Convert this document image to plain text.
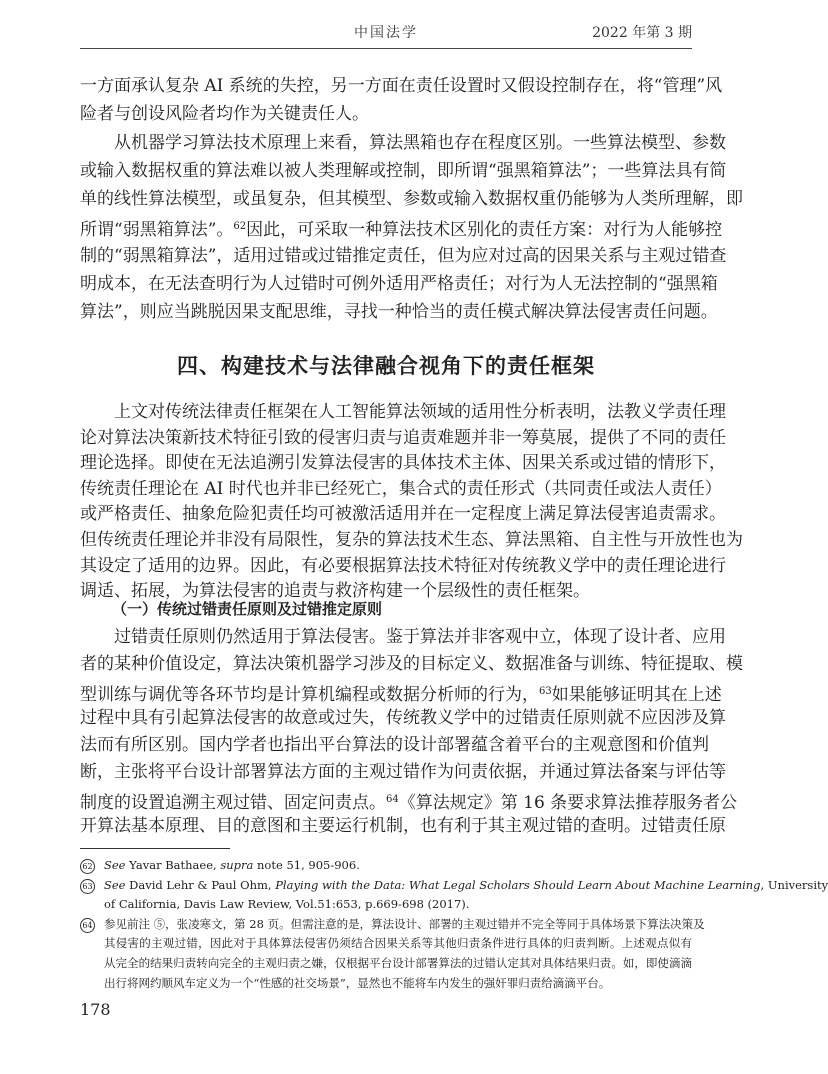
中国法学	2022 年第 3 期
一方面承认复杂 AI 系统的失控，另一方面在责任设置时又假设控制存在，将“管理”风
险者与创设风险者均作为关键责任人。
从机器学习算法技术原理上来看，算法黑箱也存在程度区别。一些算法模型、参数
或输入数据权重的算法难以被人类理解或控制，即所谓“强黑箱算法”；一些算法具有简
单的线性算法模型，或虽复杂，但其模型、参数或输入数据权重仍能够为人类所理解，即
所谓“弱黑箱算法”。$^{62}$因此，可采取一种算法技术区别化的责任方案：对行为人能够控
制的“弱黑箱算法”，适用过错或过错推定责任，但为应对过高的因果关系与主观过错查
明成本，在无法查明行为人过错时可例外适用严格责任；对行为人无法控制的“强黑箱
算法”，则应当跳脱因果支配思维，寻找一种恰当的责任模式解决算法侵害责任问题。
四、构建技术与法律融合视角下的责任框架
上文对传统法律责任框架在人工智能算法领域的适用性分析表明，法教义学责任理
论对算法决策新技术特征引致的侵害归责与追责难题并非一筹莫展，提供了不同的责任
理论选择。即使在无法追溯引发算法侵害的具体技术主体、因果关系或过错的情形下，
传统责任理论在 AI 时代也并非已经死亡，集合式的责任形式（共同责任或法人责任）
或严格责任、抽象危险犯责任均可被激活适用并在一定程度上满足算法侵害追责需求。
但传统责任理论并非没有局限性，复杂的算法技术生态、算法黑箱、自主性与开放性也为
其设定了适用的边界。因此，有必要根据算法技术特征对传统教义学中的责任理论进行
调适、拓展，为算法侵害的追责与救济构建一个层级性的责任框架。
（一）传统过错责任原则及过错推定原则
过错责任原则仍然适用于算法侵害。鉴于算法并非客观中立，体现了设计者、应用
者的某种价值设定，算法决策机器学习涉及的目标定义、数据准备与训练、特征提取、模
型训练与调优等各环节均是计算机编程或数据分析师的行为，$^{63}$如果能够证明其在上述
过程中具有引起算法侵害的故意或过失，传统教义学中的过错责任原则就不应因涉及算
法而有所区别。国内学者也指出平台算法的设计部署蕴含着平台的主观意图和价值判
断，主张将平台设计部署算法方面的主观过错作为问责依据，并通过算法备案与评估等
制度的设置追溯主观过错、固定问责点。$^{64}$《算法规定》第 16 条要求算法推荐服务者公
开算法基本原理、目的意图和主要运行机制，也有利于其主观过错的查明。过错责任原
62 See Yavar Bathaee, supra note 51, 905-906.
63 See David Lehr & Paul Ohm, Playing with the Data: What Legal Scholars Should Learn About Machine Learning, University
of California, Davis Law Review, Vol.51:653, p.669-698 (2017).
64 参见前注 ⑤，张凌寒文，第 28 页。但需注意的是，算法设计、部署的主观过错并不完全等同于具体场景下算法决策及
其侵害的主观过错，因此对于具体算法侵害仍须结合因果关系等其他归责条件进行具体的归责判断。上述观点似有
从完全的结果归责转向完全的主观归责之嫌，仅根据平台设计部署算法的过错认定其对具体结果归责。如，即使滴滴
出行将网约顺风车定义为一个“性感的社交场景”，显然也不能将车内发生的强奸罪归责给滴滴平台。
178
